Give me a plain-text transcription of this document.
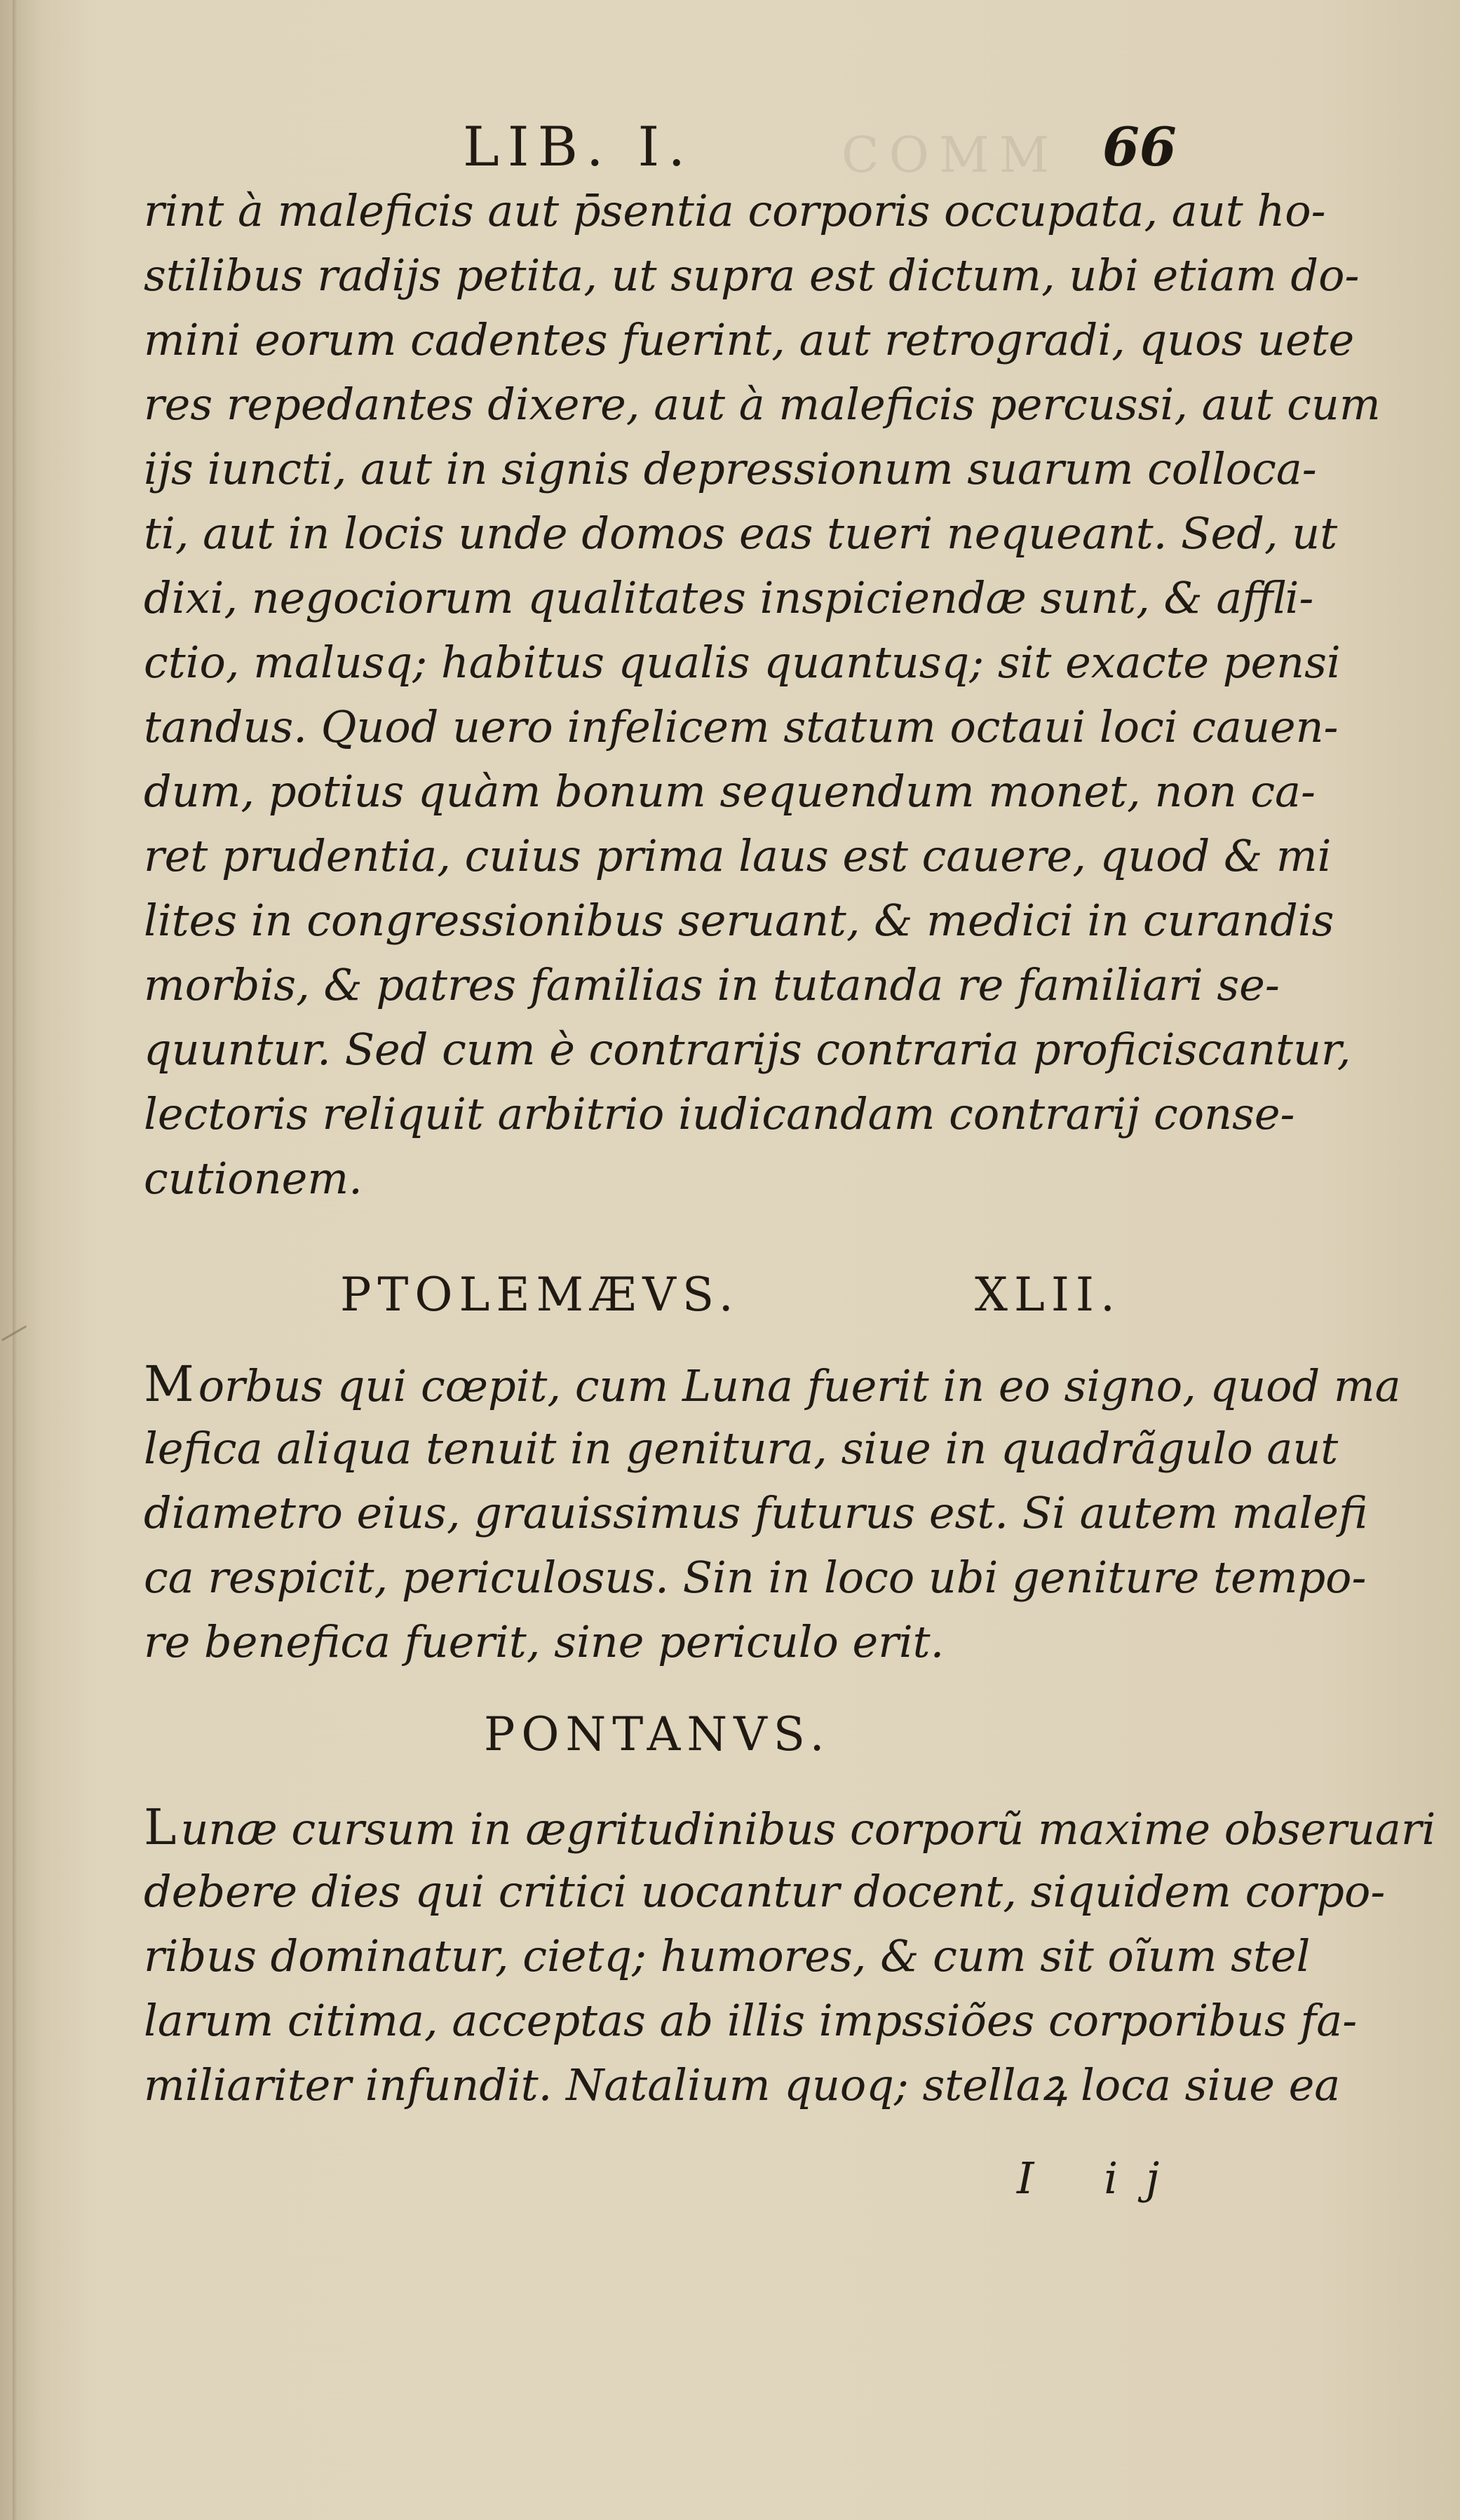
COMM
LIB. I.	66
rint à maleficis aut p̄sentia corporis occupata, aut ho-
stilibus radijs petita, ut supra est dictum, ubi etiam do-
mini eorum cadentes fuerint, aut retrogradi, quos uete
res repedantes dixere, aut à maleficis percussi, aut cum
ijs iuncti, aut in signis depressionum suarum colloca-
ti, aut in locis unde domos eas tueri nequeant. Sed, ut
dixi, negociorum qualitates inspiciendæ sunt, & affli-
ctio, malusq; habitus qualis quantusq; sit exacte pensi
tandus. Quod uero infelicem statum octaui loci cauen-
dum, potius quàm bonum sequendum monet, non ca-
ret prudentia, cuius prima laus est cauere, quod & mi
lites in congressionibus seruant, & medici in curandis
morbis, & patres familias in tutanda re familiari se-
quuntur. Sed cum è contrarijs contraria proficiscantur,
lectoris reliquit arbitrio iudicandam contrarij conse-
cutionem.
PTOLEMÆVS.	XLII.
Morbus qui cœpit, cum Luna fuerit in eo signo, quod ma
lefica aliqua tenuit in genitura, siue in quadrãgulo aut
diametro eius, grauissimus futurus est. Si autem malefi
ca respicit, periculosus. Sin in loco ubi geniture tempo-
re benefica fuerit, sine periculo erit.
PONTANVS.
Lunæ cursum in ægritudinibus corporũ maxime obseruari
debere dies qui critici uocantur docent, siquidem corpo-
ribus dominatur, cietq; humores, & cum sit oĩum stel
larum citima, acceptas ab illis impssiões corporibus fa-
miliariter infundit. Natalium quoq; stellaꝝ loca siue ea
I ij
